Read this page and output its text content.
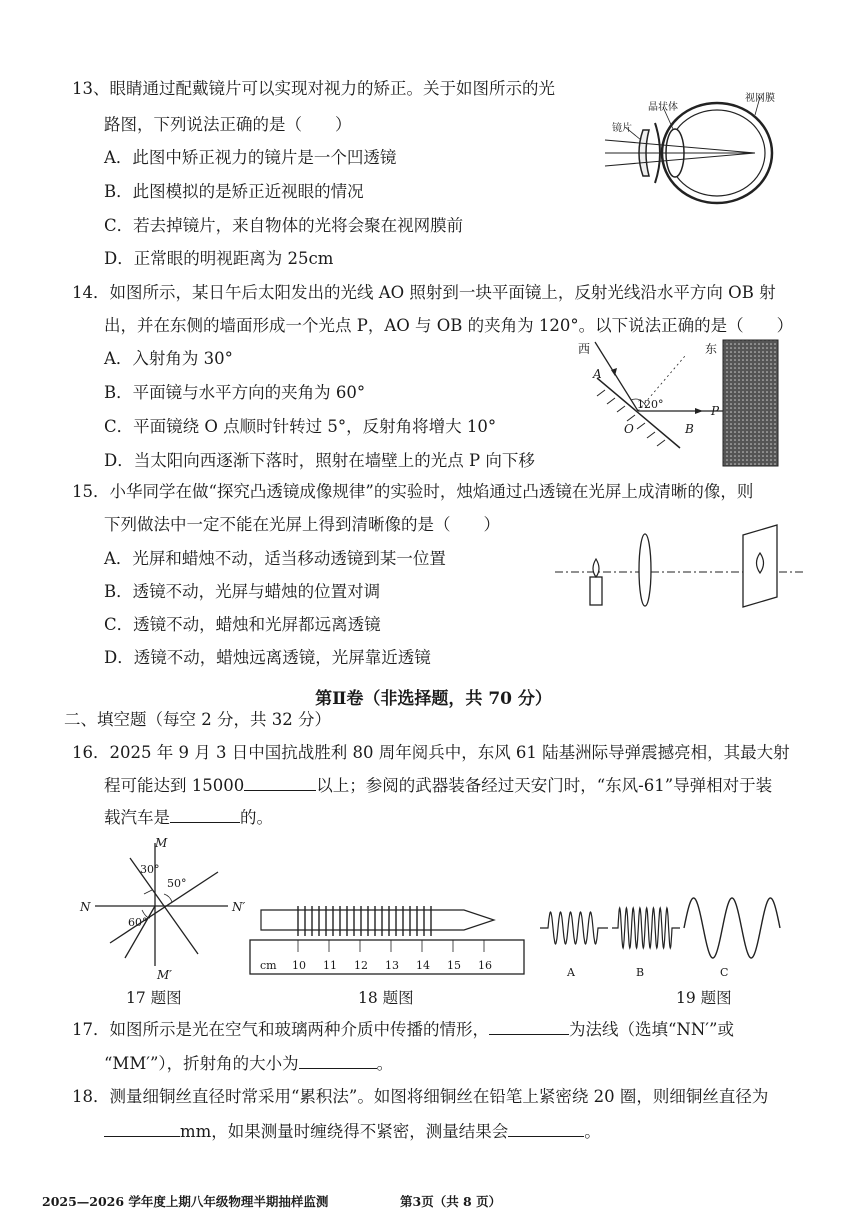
13、眼睛通过配戴镜片可以实现对视力的矫正。关于如图所示的光
路图，下列说法正确的是（　　）
A．此图中矫正视力的镜片是一个凹透镜
B．此图模拟的是矫正近视眼的情况
C．若去掉镜片，来自物体的光将会聚在视网膜前
D．正常眼的明视距离为 25cm
镜片
晶状体
视网膜
14．如图所示，某日午后太阳发出的光线 AO 照射到一块平面镜上，反射光线沿水平方向 OB 射
出，并在东侧的墙面形成一个光点 P，AO 与 OB 的夹角为 120°。以下说法正确的是（　　）
A．入射角为 30°
B．平面镜与水平方向的夹角为 60°
C．平面镜绕 O 点顺时针转过 5°，反射角将增大 10°
D．当太阳向西逐渐下落时，照射在墙壁上的光点 P 向下移
西	东
A
120°
O	B
P
15．小华同学在做“探究凸透镜成像规律”的实验时，烛焰通过凸透镜在光屏上成清晰的像，则
下列做法中一定不能在光屏上得到清晰像的是（　　）
A．光屏和蜡烛不动，适当移动透镜到某一位置
B．透镜不动，光屏与蜡烛的位置对调
C．透镜不动，蜡烛和光屏都远离透镜
D．透镜不动，蜡烛远离透镜，光屏靠近透镜
第Ⅱ卷（非选择题，共 70 分）
二、填空题（每空 2 分，共 32 分）
16．2025 年 9 月 3 日中国抗战胜利 80 周年阅兵中，东风 61 陆基洲际导弹震撼亮相，其最大射
程可能达到 15000	以上；参阅的武器装备经过天安门时，“东风-61”导弹相对于装
载汽车是	的。
M
M′
N	N′
30°
50°
60°
17 题图
cm 10 11 12 13 14 15 16
18 题图
A	B	C
19 题图
17．如图所示是光在空气和玻璃两种介质中传播的情形，	为法线（选填“NN′”或
“MM′”），折射角的大小为	。
18．测量细铜丝直径时常采用“累积法”。如图将细铜丝在铅笔上紧密绕 20 圈，则细铜丝直径为
mm，如果测量时缠绕得不紧密，测量结果会	。
2025—2026 学年度上期八年级物理半期抽样监测	第3页（共 8 页）
